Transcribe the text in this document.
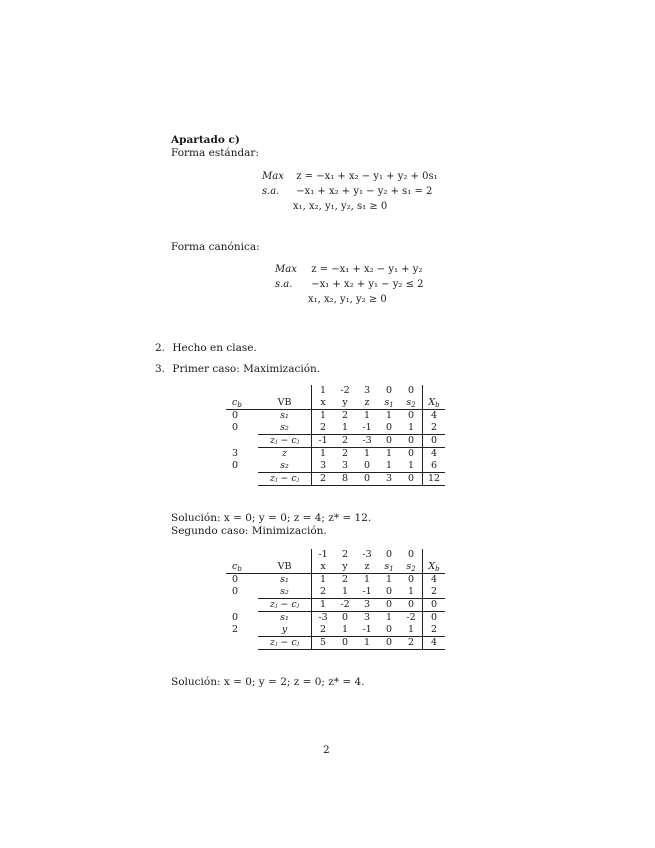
Apartado c)
Forma estándar:
Max z = −x₁ + x₂ − y₁ + y₂ + 0s₁
s.a. −x₁ + x₂ + y₁ − y₂ + s₁ = 2
x₁, x₂, y₁, y₂, s₁ ≥ 0
Forma canónica:
Max z = −x₁ + x₂ − y₁ + y₂
s.a. −x₁ + x₂ + y₁ − y₂ ≤ 2
x₁, x₂, y₁, y₂ ≥ 0
2. Hecho en clase.
3. Primer caso: Maximización.
		1	-2	3	0	0	
$c_b$	VB	x	y	z	$s_1$	$s_2$	$X_b$
0	s₁	1	2	1	1	0	4
0	s₂	2	1	-1	0	1	2
	zⱼ − cⱼ	-1	2	-3	0	0	0
3	z	1	2	1	1	0	4
0	s₂	3	3	0	1	1	6
	zⱼ − cⱼ	2	8	0	3	0	12
Solución: x = 0; y = 0; z = 4; z* = 12.
Segundo caso: Minimización.
		-1	2	-3	0	0	
$c_b$	VB	x	y	z	$s_1$	$s_2$	$X_b$
0	s₁	1	2	1	1	0	4
0	s₂	2	1	-1	0	1	2
	zⱼ − cⱼ	1	-2	3	0	0	0
0	s₁	-3	0	3	1	-2	0
2	y	2	1	-1	0	1	2
	zⱼ − cⱼ	5	0	1	0	2	4
Solución: x = 0; y = 2; z = 0; z* = 4.
2
